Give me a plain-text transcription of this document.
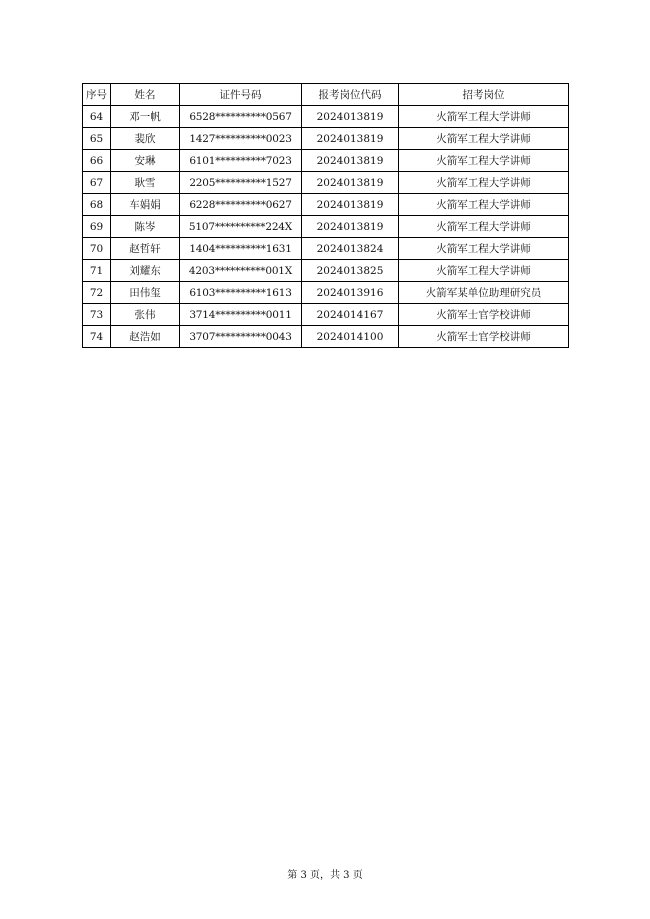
序号	姓名	证件号码	报考岗位代码	招考岗位
64	邓一帆	6528**********0567	2024013819	火箭军工程大学讲师
65	裴欣	1427**********0023	2024013819	火箭军工程大学讲师
66	安琳	6101**********7023	2024013819	火箭军工程大学讲师
67	耿雪	2205**********1527	2024013819	火箭军工程大学讲师
68	车娟娟	6228**********0627	2024013819	火箭军工程大学讲师
69	陈岑	5107**********224X	2024013819	火箭军工程大学讲师
70	赵哲轩	1404**********1631	2024013824	火箭军工程大学讲师
71	刘耀东	4203**********001X	2024013825	火箭军工程大学讲师
72	田伟玺	6103**********1613	2024013916	火箭军某单位助理研究员
73	张伟	3714**********0011	2024014167	火箭军士官学校讲师
74	赵浩如	3707**********0043	2024014100	火箭军士官学校讲师
第 3 页，共 3 页
